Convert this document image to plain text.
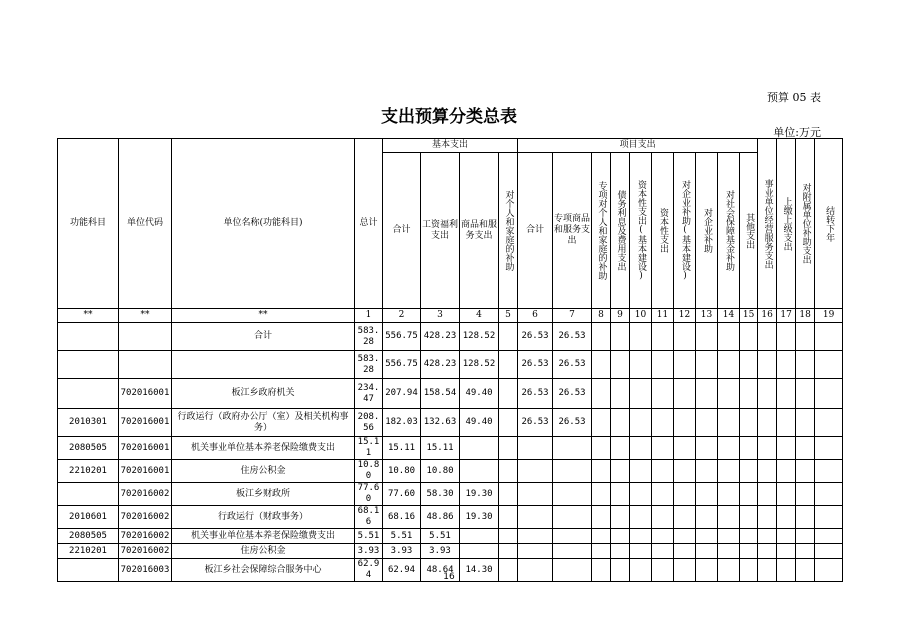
预算 05 表
支出预算分类总表
单位:万元
功能科目	单位代码	单位名称(功能科目)	总计	基本支出				项目支出										事业单位经营服务支出	上缴上级支出	对附属单位补助支出	结转下年

				合计	工资福利支出	商品和服务支出	对个人和家庭的补助	合计	专项商品和服务支出	专项对个人和家庭的补助	债务利息及费用支出	资本性支出(基本建设)	资本性支出	对企业补助(基本建设)	对企业补助	对社会保障基金补助	其他支出				

**	**	**	1	2	3	4	5	6	7	8	9	10	11	12	13	14	15	16	17	18	19
		合计	583.28	556.75	428.23	128.52		26.53	26.53												
			583.28	556.75	428.23	128.52		26.53	26.53												
	702016001	板江乡政府机关	234.47	207.94	158.54	49.40		26.53	26.53												
2010301	702016001	行政运行（政府办公厅（室）及相关机构事务）	208.56	182.03	132.63	49.40		26.53	26.53												
2080505	702016001	机关事业单位基本养老保险缴费支出	15.11	15.11	15.11																
2210201	702016001	住房公积金	10.80	10.80	10.80																
	702016002	板江乡财政所	77.60	77.60	58.30	19.30															
2010601	702016002	行政运行（财政事务）	68.16	68.16	48.86	19.30															
2080505	702016002	机关事业单位基本养老保险缴费支出	5.51	5.51	5.51																
2210201	702016002	住房公积金	3.93	3.93	3.93																
	702016003	板江乡社会保障综合服务中心	62.94	62.94	48.64	14.30															
16
